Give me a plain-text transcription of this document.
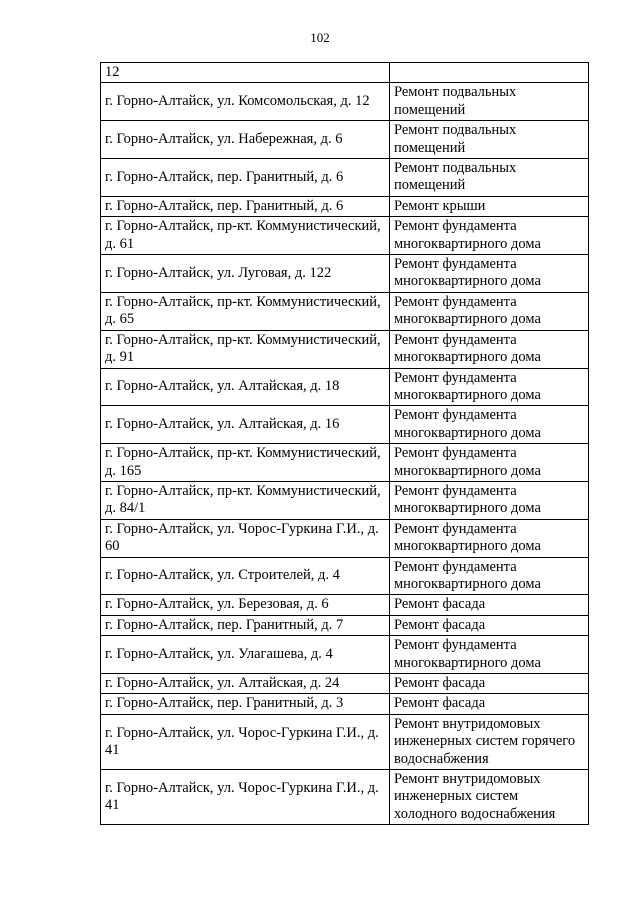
102
12	
г. Горно-Алтайск, ул. Комсомольская, д. 12	Ремонт подвальных помещений
г. Горно-Алтайск, ул. Набережная, д. 6	Ремонт подвальных помещений
г. Горно-Алтайск, пер. Гранитный, д. 6	Ремонт подвальных помещений
г. Горно-Алтайск, пер. Гранитный, д. 6	Ремонт крыши
г. Горно-Алтайск, пр-кт. Коммунистический, д. 61	Ремонт фундамента многоквартирного дома
г. Горно-Алтайск, ул. Луговая, д. 122	Ремонт фундамента многоквартирного дома
г. Горно-Алтайск, пр-кт. Коммунистический, д. 65	Ремонт фундамента многоквартирного дома
г. Горно-Алтайск, пр-кт. Коммунистический, д. 91	Ремонт фундамента многоквартирного дома
г. Горно-Алтайск, ул. Алтайская, д. 18	Ремонт фундамента многоквартирного дома
г. Горно-Алтайск, ул. Алтайская, д. 16	Ремонт фундамента многоквартирного дома
г. Горно-Алтайск, пр-кт. Коммунистический, д. 165	Ремонт фундамента многоквартирного дома
г. Горно-Алтайск, пр-кт. Коммунистический, д. 84/1	Ремонт фундамента многоквартирного дома
г. Горно-Алтайск, ул. Чорос-Гуркина Г.И., д. 60	Ремонт фундамента многоквартирного дома
г. Горно-Алтайск, ул. Строителей, д. 4	Ремонт фундамента многоквартирного дома
г. Горно-Алтайск, ул. Березовая, д. 6	Ремонт фасада
г. Горно-Алтайск, пер. Гранитный, д. 7	Ремонт фасада
г. Горно-Алтайск, ул. Улагашева, д. 4	Ремонт фундамента многоквартирного дома
г. Горно-Алтайск, ул. Алтайская, д. 24	Ремонт фасада
г. Горно-Алтайск, пер. Гранитный, д. 3	Ремонт фасада
г. Горно-Алтайск, ул. Чорос-Гуркина Г.И., д. 41	Ремонт внутридомовых инженерных систем горячего водоснабжения
г. Горно-Алтайск, ул. Чорос-Гуркина Г.И., д. 41	Ремонт внутридомовых инженерных систем холодного водоснабжения
